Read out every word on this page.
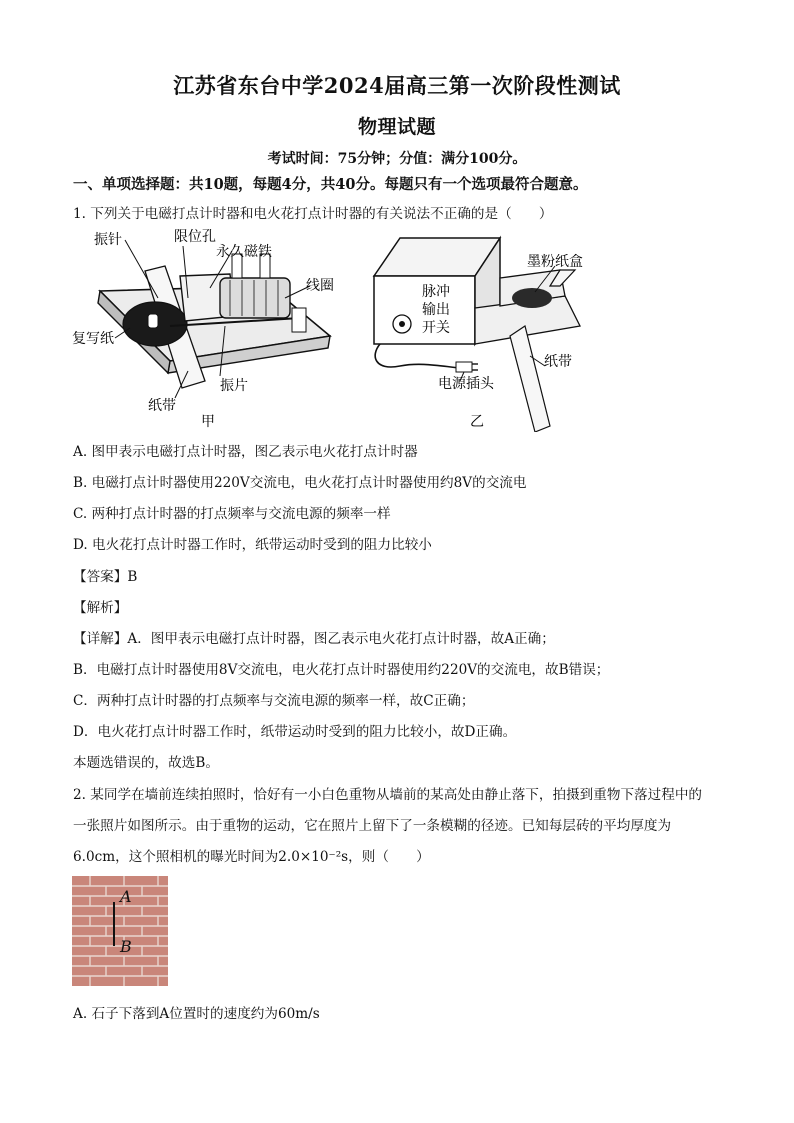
江苏省东台中学2024届高三第一次阶段性测试
物理试题
考试时间：75分钟；分值：满分100分。
一、单项选择题：共10题，每题4分，共40分。每题只有一个选项最符合题意。
1. 下列关于电磁打点计时器和电火花打点计时器的有关说法不正确的是（　　）
限位孔
振针
永久磁铁
线圈
复写纸
振片
纸带
甲
墨粉纸盒
脉冲
输出
开关
纸带
电源插头
乙
A. 图甲表示电磁打点计时器，图乙表示电火花打点计时器
B. 电磁打点计时器使用220V交流电，电火花打点计时器使用约8V的交流电
C. 两种打点计时器的打点频率与交流电源的频率一样
D. 电火花打点计时器工作时，纸带运动时受到的阻力比较小
【答案】B
【解析】
【详解】A．图甲表示电磁打点计时器，图乙表示电火花打点计时器，故A正确；
B．电磁打点计时器使用8V交流电，电火花打点计时器使用约220V的交流电，故B错误；
C．两种打点计时器的打点频率与交流电源的频率一样，故C正确；
D．电火花打点计时器工作时，纸带运动时受到的阻力比较小，故D正确。
本题选错误的，故选B。
2. 某同学在墙前连续拍照时，恰好有一小白色重物从墙前的某高处由静止落下，拍摄到重物下落过程中的
一张照片如图所示。由于重物的运动，它在照片上留下了一条模糊的径迹。已知每层砖的平均厚度为
6.0cm，这个照相机的曝光时间为2.0×10⁻²s，则（　　）
A
B
A. 石子下落到A位置时的速度约为60m/s
